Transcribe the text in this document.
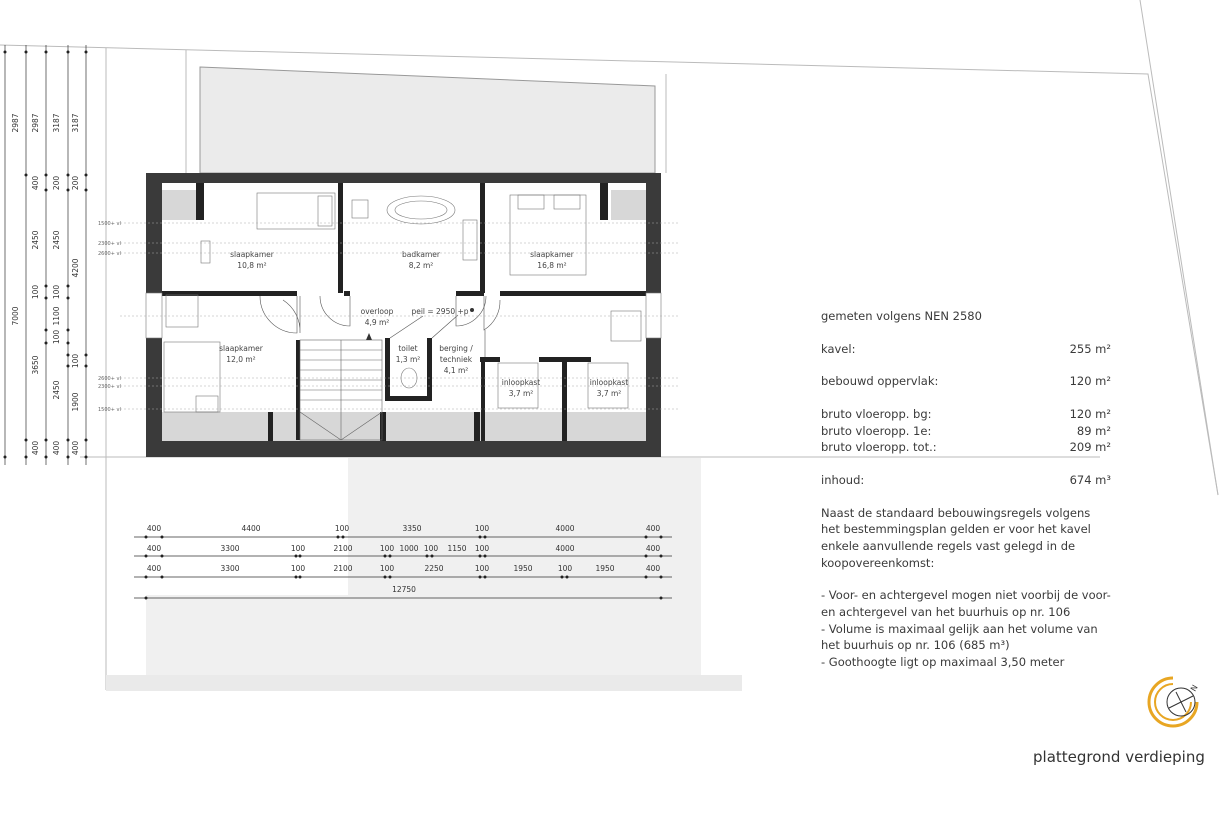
slaapkamer
10,8 m²
badkamer
8,2 m²
slaapkamer
16,8 m²
slaapkamer
12,0 m²
overloop
4,9 m²
peil = 2950 +p
toilet
1,3 m²
berging /
techniek
4,1 m²
inloopkast
3,7 m²
inloopkast
3,7 m²
1500+ vl
2300+ vl
2600+ vl
2600+ vl
2300+ vl
1500+ vl
2987 2987 3187 3187
400 200 200
2450 2450
4200
100 100
7000	1100
100
100
3650
2450
1900
400 400 400
400	4400	100	3350	100	4000	400
400	3300	100	2100	100 1000 100 1150 100	4000	400
400	3300	100	2100	100	2250	100	1950	100	1950	400
12750

gemeten volgens NEN 2580

kavel:	255 m²
bebouwd oppervlak:	120 m²
bruto vloeropp. bg:	120 m²
bruto vloeropp. 1e:	89 m²
bruto vloeropp. tot.:	209 m²
inhoud:	674 m³

Naast de standaard bebouwingsregels volgens het bestemmingsplan gelden er voor het kavel enkele aanvullende regels vast gelegd in de koopovereenkomst:

- Voor- en achtergevel mogen niet voorbij de voor- en achtergevel van het buurhuis op nr. 106

- Volume is maximaal gelijk aan het volume van het buurhuis op nr. 106 (685 m³)

- Goothoogte ligt op maximaal 3,50 meter

N
plattegrond verdieping
